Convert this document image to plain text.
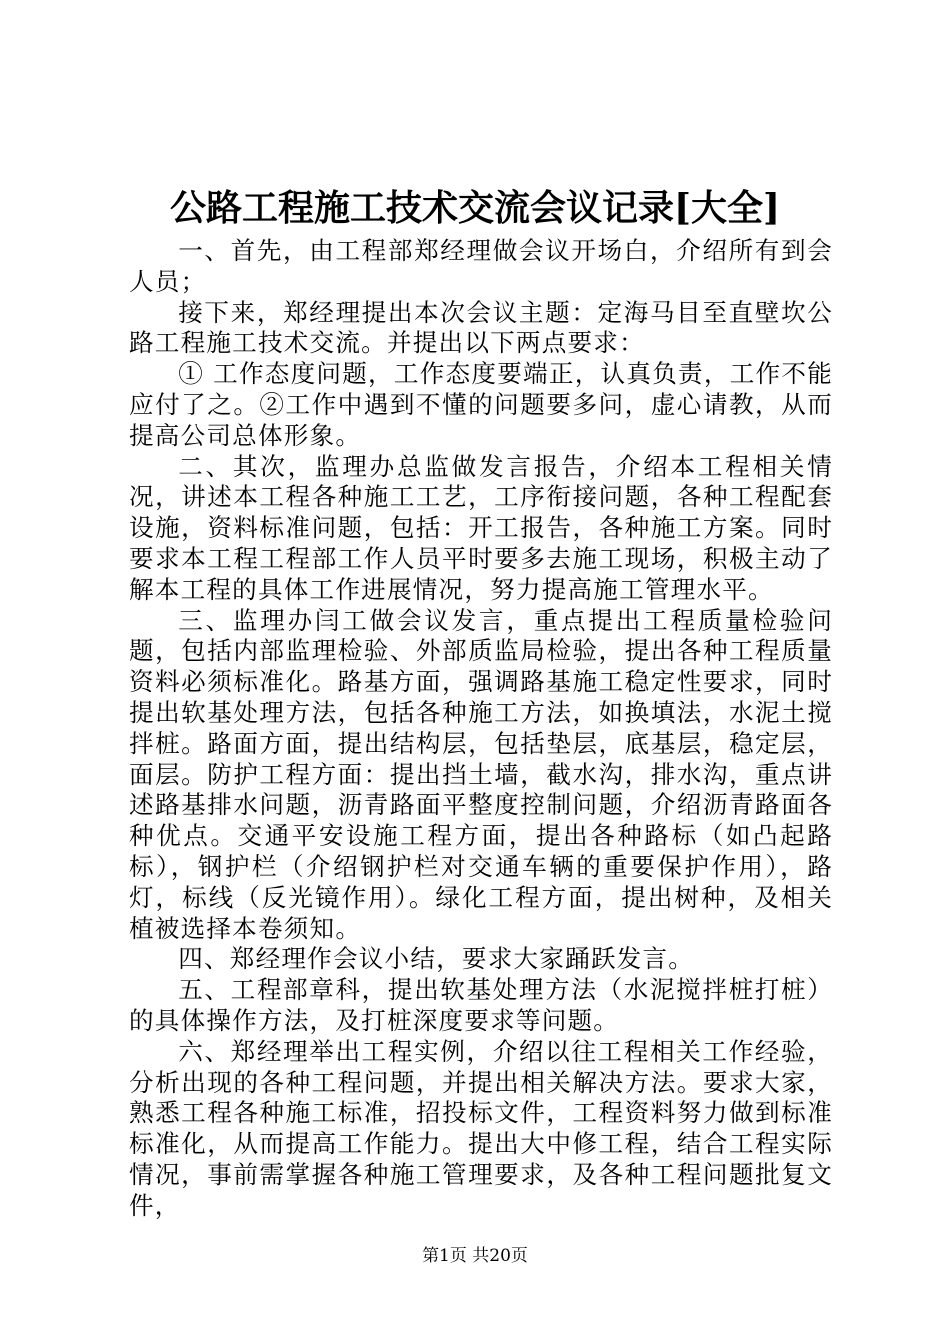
公路工程施工技术交流会议记录[大全]

一、首先，由工程部郑经理做会议开场白，介绍所有到会人员；

接下来，郑经理提出本次会议主题：定海马目至直壁坎公路工程施工技术交流。并提出以下两点要求：

① 工作态度问题，工作态度要端正，认真负责，工作不能应付了之。②工作中遇到不懂的问题要多问，虚心请教，从而提高公司总体形象。

二、其次，监理办总监做发言报告，介绍本工程相关情况，讲述本工程各种施工工艺，工序衔接问题，各种工程配套设施，资料标准问题，包括：开工报告，各种施工方案。同时要求本工程工程部工作人员平时要多去施工现场，积极主动了解本工程的具体工作进展情况，努力提高施工管理水平。

三、监理办闫工做会议发言，重点提出工程质量检验问题，包括内部监理检验、外部质监局检验，提出各种工程质量资料必须标准化。路基方面，强调路基施工稳定性要求，同时提出软基处理方法，包括各种施工方法，如换填法，水泥土搅拌桩。路面方面，提出结构层，包括垫层，底基层，稳定层，面层。防护工程方面：提出挡土墙，截水沟，排水沟，重点讲述路基排水问题，沥青路面平整度控制问题，介绍沥青路面各种优点。交通平安设施工程方面，提出各种路标（如凸起路标），钢护栏（介绍钢护栏对交通车辆的重要保护作用），路灯，标线（反光镜作用）。绿化工程方面，提出树种，及相关植被选择本卷须知。

四、郑经理作会议小结，要求大家踊跃发言。

五、工程部章科，提出软基处理方法（水泥搅拌桩打桩）的具体操作方法，及打桩深度要求等问题。

六、郑经理举出工程实例，介绍以往工程相关工作经验，分析出现的各种工程问题，并提出相关解决方法。要求大家，熟悉工程各种施工标准，招投标文件，工程资料努力做到标准标准化，从而提高工作能力。提出大中修工程，结合工程实际情况，事前需掌握各种施工管理要求，及各种工程问题批复文件，

第1页 共20页
